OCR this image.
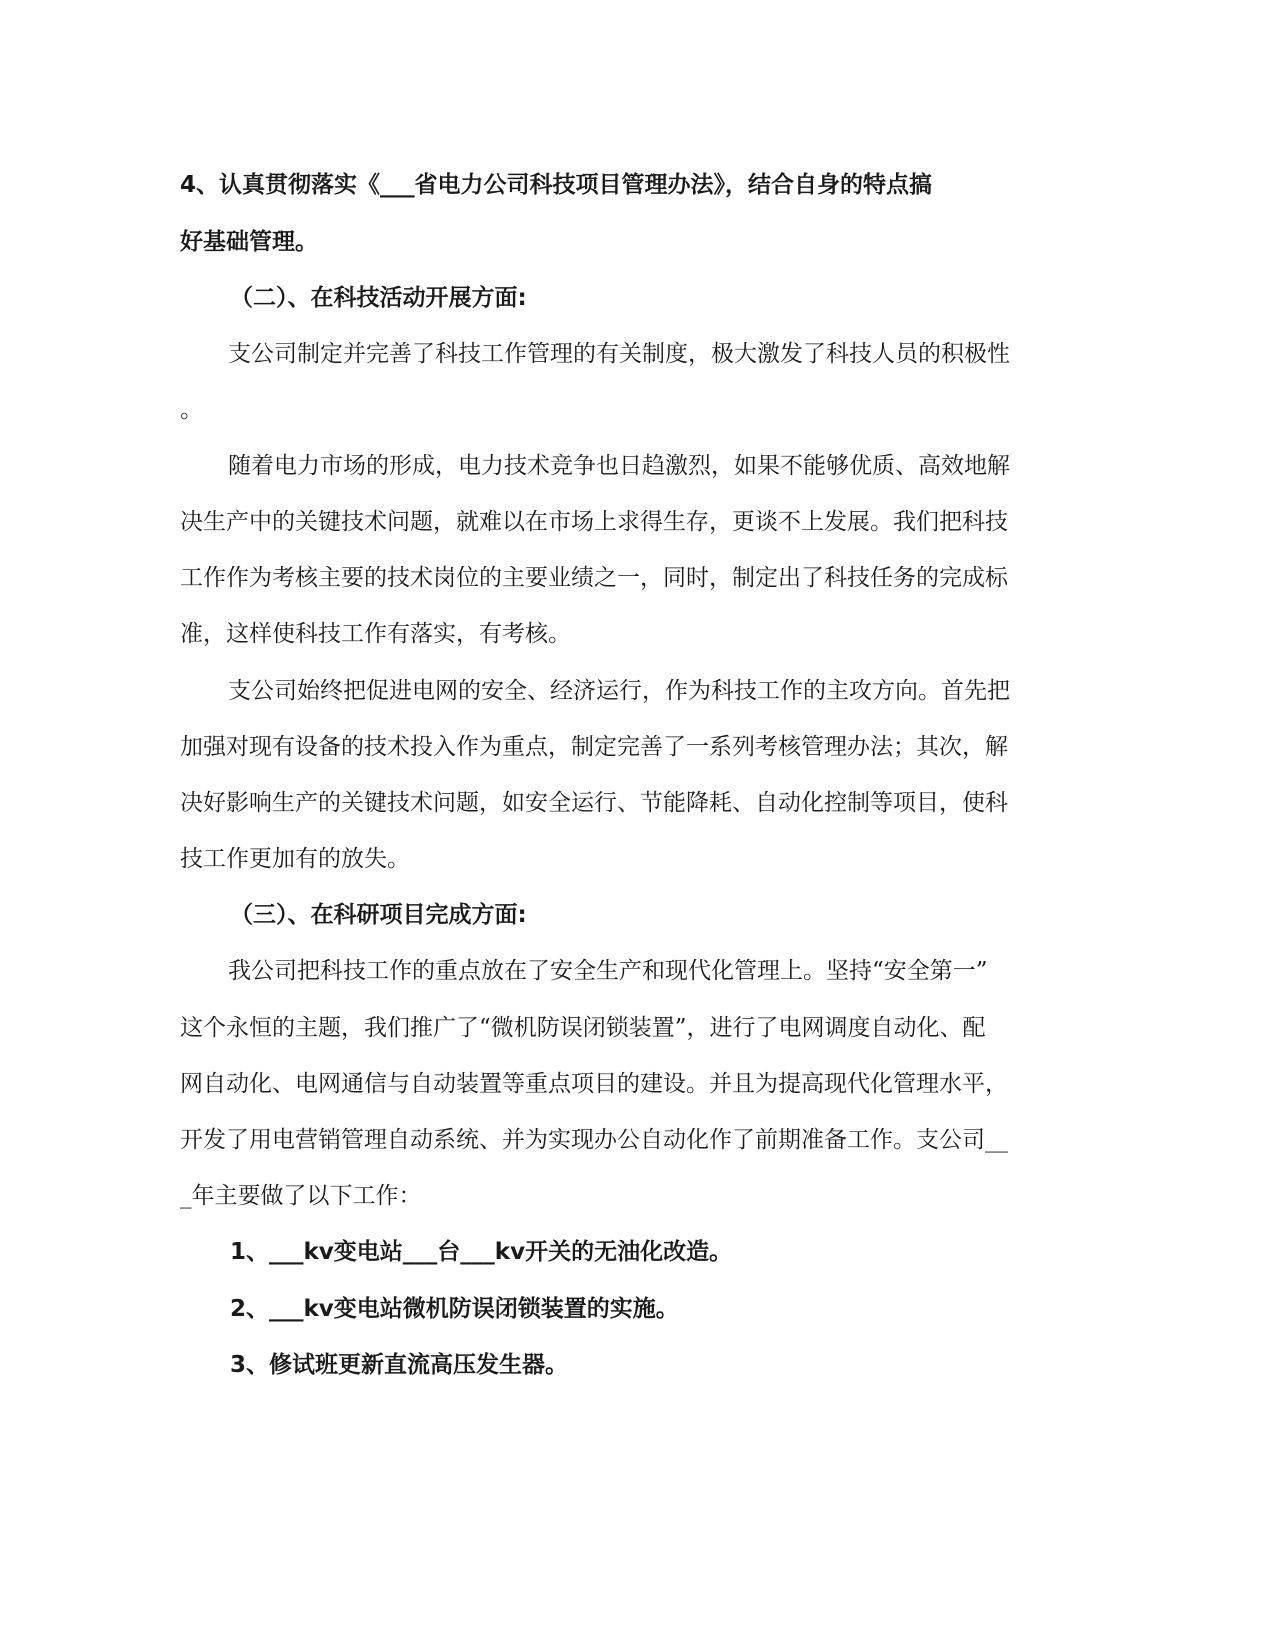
4、认真贯彻落实《___省电力公司科技项目管理办法》，结合自身的特点搞
好基础管理。
（二）、在科技活动开展方面:
支公司制定并完善了科技工作管理的有关制度，极大激发了科技人员的积极性
。
随着电力市场的形成，电力技术竞争也日趋激烈，如果不能够优质、高效地解
决生产中的关键技术问题，就难以在市场上求得生存，更谈不上发展。我们把科技
工作作为考核主要的技术岗位的主要业绩之一，同时，制定出了科技任务的完成标
准，这样使科技工作有落实，有考核。
支公司始终把促进电网的安全、经济运行，作为科技工作的主攻方向。首先把
加强对现有设备的技术投入作为重点，制定完善了一系列考核管理办法；其次，解
决好影响生产的关键技术问题，如安全运行、节能降耗、自动化控制等项目，使科
技工作更加有的放失。
（三）、在科研项目完成方面:
我公司把科技工作的重点放在了安全生产和现代化管理上。坚持“安全第一”
这个永恒的主题，我们推广了“微机防误闭锁装置”，进行了电网调度自动化、配
网自动化、电网通信与自动装置等重点项目的建设。并且为提高现代化管理水平，
开发了用电营销管理自动系统、并为实现办公自动化作了前期准备工作。支公司__
_年主要做了以下工作：
1、___kv变电站___台___kv开关的无油化改造。
2、___kv变电站微机防误闭锁装置的实施。
3、修试班更新直流高压发生器。
